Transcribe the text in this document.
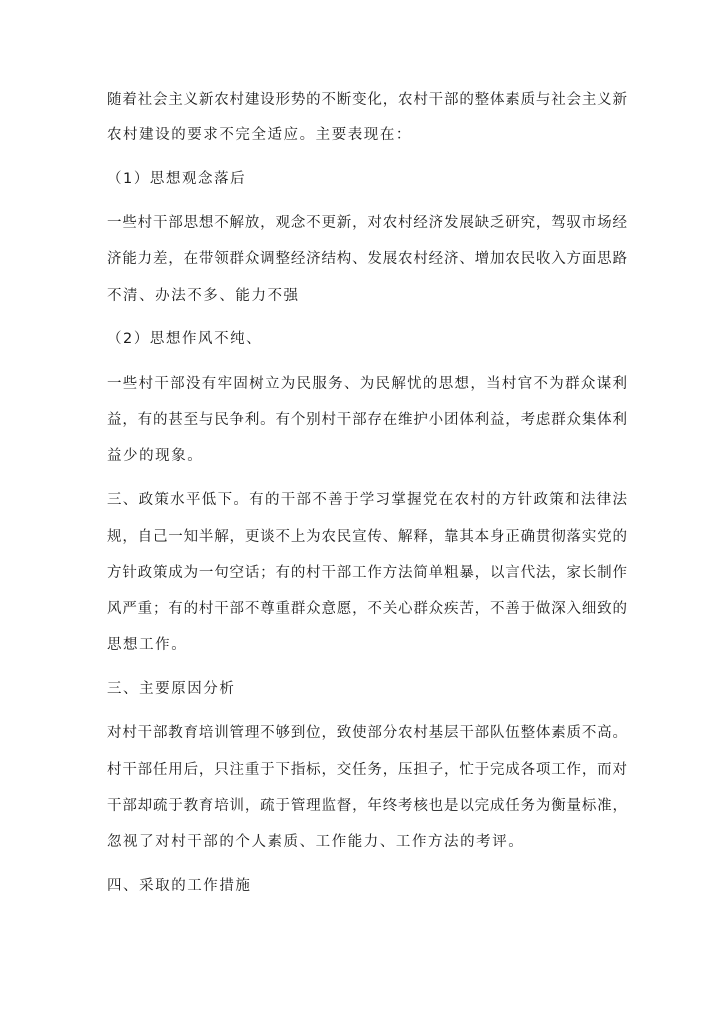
随着社会主义新农村建设形势的不断变化，农村干部的整体素质与社会主义新
农村建设的要求不完全适应。主要表现在：
（1）思想观念落后
一些村干部思想不解放，观念不更新，对农村经济发展缺乏研究，驾驭市场经
济能力差，在带领群众调整经济结构、发展农村经济、增加农民收入方面思路
不清、办法不多、能力不强
（2）思想作风不纯、
一些村干部没有牢固树立为民服务、为民解忧的思想，当村官不为群众谋利
益，有的甚至与民争利。有个别村干部存在维护小团体利益，考虑群众集体利
益少的现象。
三、政策水平低下。有的干部不善于学习掌握党在农村的方针政策和法律法
规，自己一知半解，更谈不上为农民宣传、解释，靠其本身正确贯彻落实党的
方针政策成为一句空话；有的村干部工作方法简单粗暴，以言代法，家长制作
风严重；有的村干部不尊重群众意愿，不关心群众疾苦，不善于做深入细致的
思想工作。
三、主要原因分析
对村干部教育培训管理不够到位，致使部分农村基层干部队伍整体素质不高。
村干部任用后，只注重于下指标，交任务，压担子，忙于完成各项工作，而对
干部却疏于教育培训，疏于管理监督，年终考核也是以完成任务为衡量标准，
忽视了对村干部的个人素质、工作能力、工作方法的考评。
四、采取的工作措施
